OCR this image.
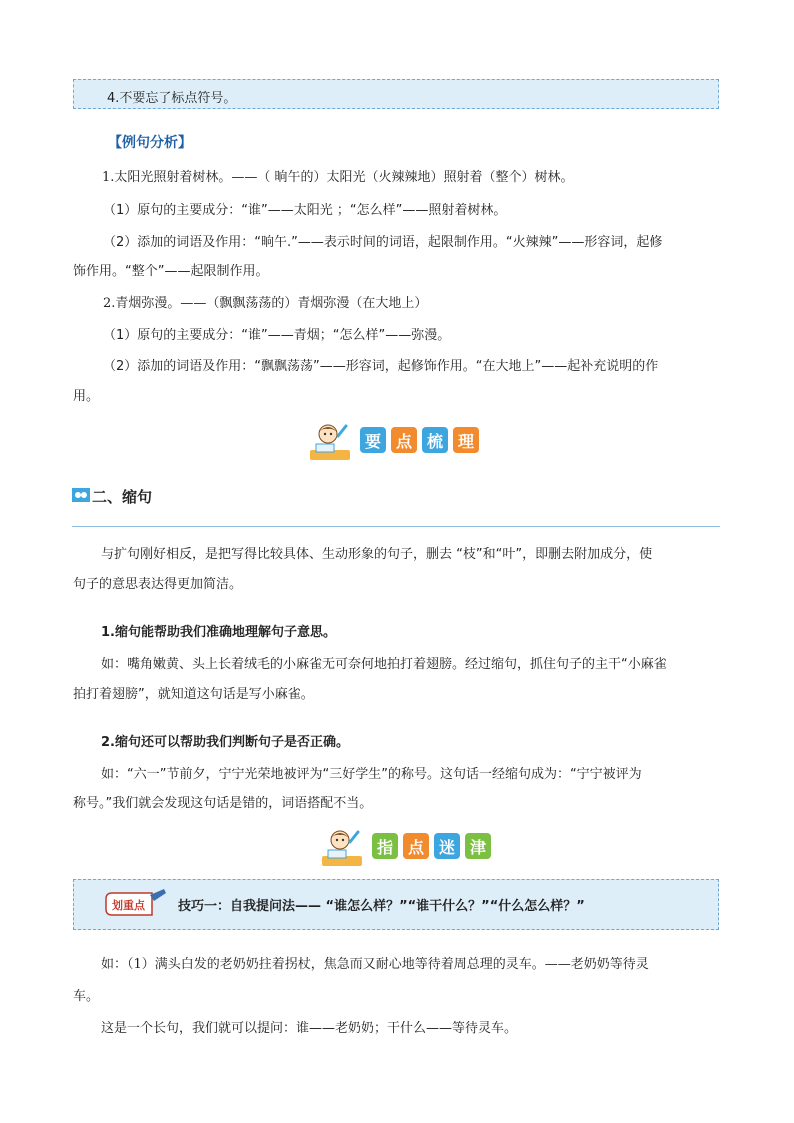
4.不要忘了标点符号。
【例句分析】
1.太阳光照射着树林。——（ 晌午的）太阳光（火辣辣地）照射着（整个）树林。
（1）原句的主要成分：“谁”——太阳光 ；“怎么样”——照射着树林。
（2）添加的词语及作用：“晌午.”——表示时间的词语，起限制作用。“火辣辣”——形容词，起修
饰作用。“整个”——起限制作用。
2.青烟弥漫。——（飘飘荡荡的）青烟弥漫（在大地上）
（1）原句的主要成分：“谁”——青烟；“怎么样”——弥漫。
（2）添加的词语及作用：“飘飘荡荡”——形容词，起修饰作用。“在大地上”——起补充说明的作
用。
要 点 梳 理
二、缩句
与扩句刚好相反，是把写得比较具体、生动形象的句子，删去 “枝”和“叶”，即删去附加成分，使
句子的意思表达得更加简洁。
1.缩句能帮助我们准确地理解句子意思。
如：嘴角嫩黄、头上长着绒毛的小麻雀无可奈何地拍打着翅膀。经过缩句，抓住句子的主干“小麻雀
拍打着翅膀”，就知道这句话是写小麻雀。
2.缩句还可以帮助我们判断句子是否正确。
如：“六一”节前夕，宁宁光荣地被评为“三好学生”的称号。这句话一经缩句成为：“宁宁被评为
称号。”我们就会发现这句话是错的，词语搭配不当。
指 点 迷 津
划重点	技巧一：自我提问法—— “谁怎么样？”“谁干什么？”“什么怎么样？”
如：（1）满头白发的老奶奶拄着拐杖，焦急而又耐心地等待着周总理的灵车。——老奶奶等待灵
车。
这是一个长句，我们就可以提问：谁——老奶奶；干什么——等待灵车。
